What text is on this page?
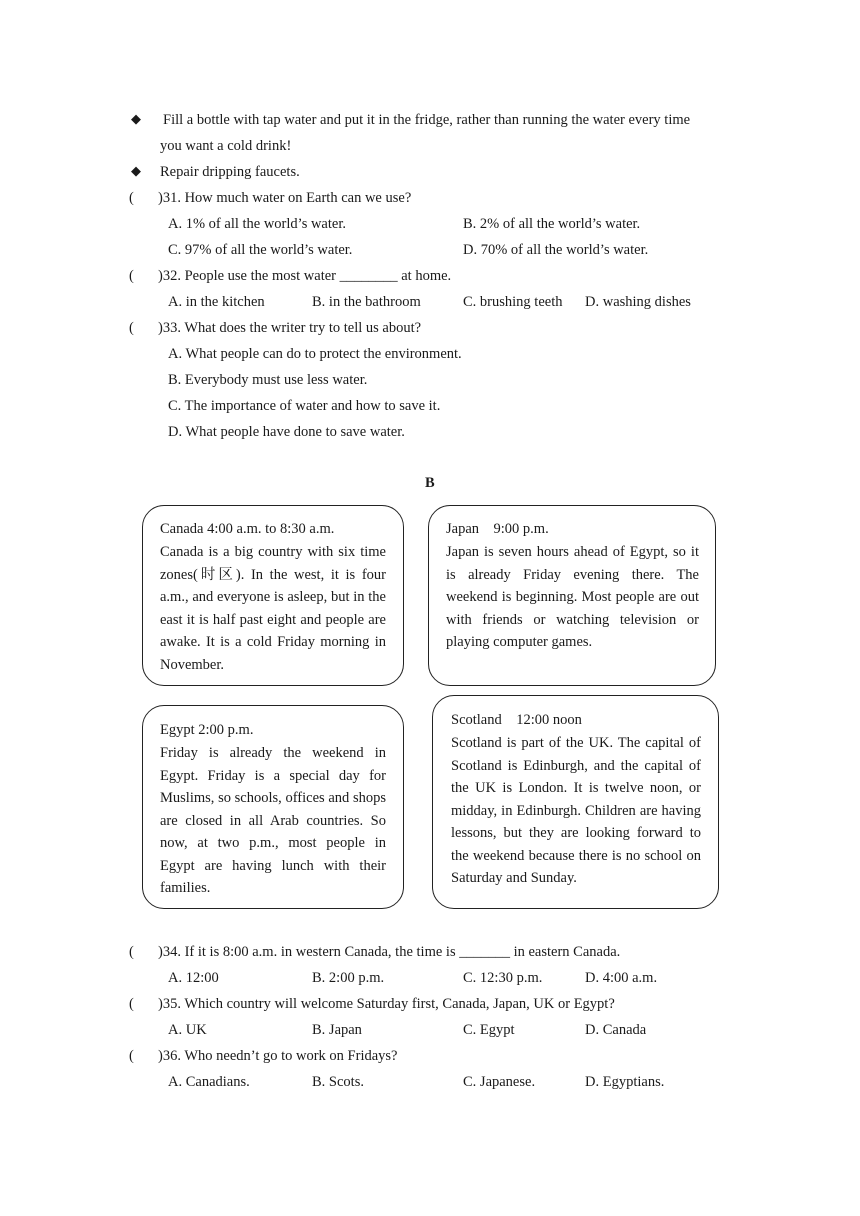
◆ Fill a bottle with tap water and put it in the fridge, rather than running the water every time
you want a cold drink!
◆ Repair dripping faucets.
( )31. How much water on Earth can we use?
A. 1% of all the world’s water.	B. 2% of all the world’s water.
C. 97% of all the world’s water.	D. 70% of all the world’s water.
( )32. People use the most water ________ at home.
A. in the kitchen	B. in the bathroom	C. brushing teeth D. washing dishes
( )33. What does the writer try to tell us about?
A. What people can do to protect the environment.
B. Everybody must use less water.
C. The importance of water and how to save it.
D. What people have done to save water.
B
Canada 4:00 a.m. to 8:30 a.m.
Canada is a big country with six time zones(时区). In the west, it is four a.m., and everyone is asleep, but in the east it is half past eight and people are awake. It is a cold Friday morning in November.
Japan    9:00 p.m.
Japan is seven hours ahead of Egypt, so it is already Friday evening there. The weekend is beginning. Most people are out with friends or watching television or playing computer games.
Egypt 2:00 p.m.
Friday is already the weekend in Egypt. Friday is a special day for Muslims, so schools, offices and shops are closed in all Arab countries. So now, at two p.m., most people in Egypt are having lunch with their families.
Scotland    12:00 noon
Scotland is part of the UK. The capital of Scotland is Edinburgh, and the capital of the UK is London. It is twelve noon, or midday, in Edinburgh. Children are having lessons, but they are looking forward to the weekend because there is no school on Saturday and Sunday.
( )34. If it is 8:00 a.m. in western Canada, the time is _______ in eastern Canada.
A. 12:00	B. 2:00 p.m.	C. 12:30 p.m.	D. 4:00 a.m.
( )35. Which country will welcome Saturday first, Canada, Japan, UK or Egypt?
A. UK	B. Japan	C. Egypt	D. Canada
( )36. Who needn’t go to work on Fridays?
A. Canadians.	B. Scots.	C. Japanese.	D. Egyptians.
